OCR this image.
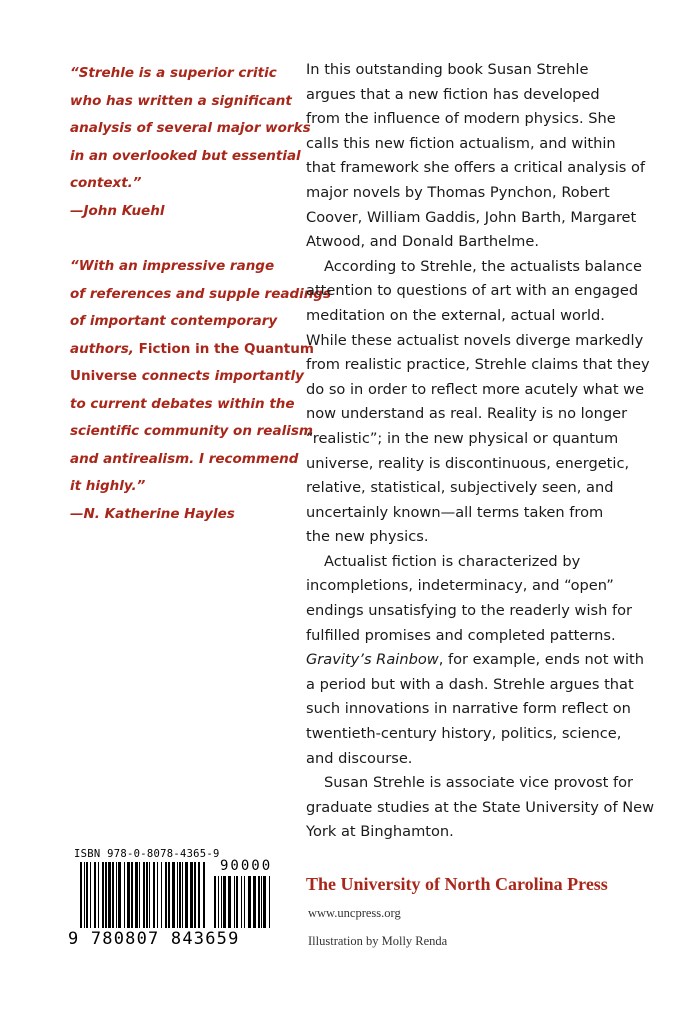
“Strehle is a superior critic
who has written a significant
analysis of several major works
in an overlooked but essential
context.”
—John Kuehl
“With an impressive range
of references and supple readings
of important contemporary
authors, Fiction in the Quantum
Universe connects importantly
to current debates within the
scientific community on realism
and antirealism. I recommend
it highly.”
—N. Katherine Hayles
In this outstanding book Susan Strehle
argues that a new fiction has developed
from the influence of modern physics. She
calls this new fiction actualism, and within
that framework she offers a critical analysis of
major novels by Thomas Pynchon, Robert
Coover, William Gaddis, John Barth, Margaret
Atwood, and Donald Barthelme.
According to Strehle, the actualists balance
attention to questions of art with an engaged
meditation on the external, actual world.
While these actualist novels diverge markedly
from realistic practice, Strehle claims that they
do so in order to reflect more acutely what we
now understand as real. Reality is no longer
“realistic”; in the new physical or quantum
universe, reality is discontinuous, energetic,
relative, statistical, subjectively seen, and
uncertainly known—all terms taken from
the new physics.
Actualist fiction is characterized by
incompletions, indeterminacy, and “open”
endings unsatisfying to the readerly wish for
fulfilled promises and completed patterns.
Gravity’s Rainbow, for example, ends not with
a period but with a dash. Strehle argues that
such innovations in narrative form reflect on
twentieth-century history, politics, science,
and discourse.
Susan Strehle is associate vice provost for
graduate studies at the State University of New
York at Binghamton.
ISBN 978-0-8078-4365-9
90000
9 780807 843659
The University of North Carolina Press
www.uncpress.org
Illustration by Molly Renda
